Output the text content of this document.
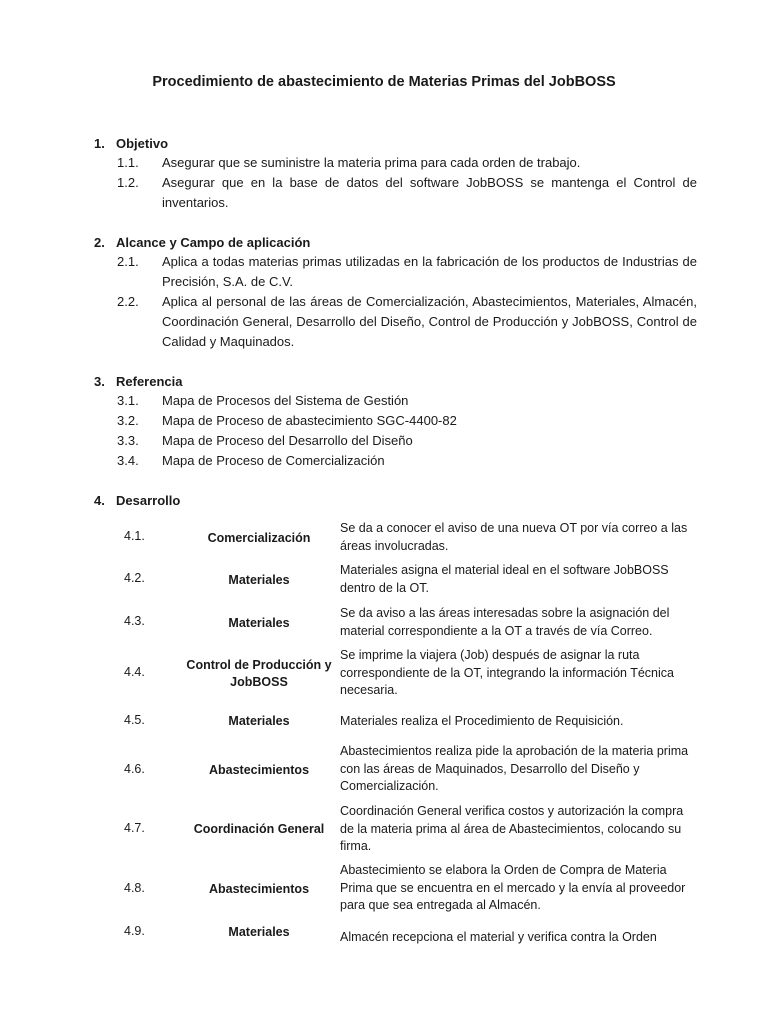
Procedimiento de abastecimiento de Materias Primas del JobBOSS
1. Objetivo
1.1. Asegurar que se suministre la materia prima para cada orden de trabajo.
1.2. Asegurar que en la base de datos del software JobBOSS se mantenga el Control de inventarios.
2. Alcance y Campo de aplicación
2.1. Aplica a todas materias primas utilizadas en la fabricación de los productos de Industrias de Precisión, S.A. de C.V.
2.2. Aplica al personal de las áreas de Comercialización, Abastecimientos, Materiales, Almacén, Coordinación General, Desarrollo del Diseño, Control de Producción y JobBOSS, Control de Calidad y Maquinados.
3. Referencia
3.1. Mapa de Procesos del Sistema de Gestión
3.2. Mapa de Proceso de abastecimiento SGC-4400-82
3.3. Mapa de Proceso del Desarrollo del Diseño
3.4. Mapa de Proceso de Comercialización
4. Desarrollo
4.1.	Comercialización
Se da a conocer el aviso de una nueva OT por vía correo a las áreas involucradas.
4.2.	Materiales
Materiales asigna el material ideal en el software JobBOSS dentro de la OT.
4.3.	Materiales
Se da aviso a las áreas interesadas sobre la asignación del material correspondiente a la OT a través de vía Correo.
4.4.	Control de Producción y JobBOSS
Se imprime la viajera (Job) después de asignar la ruta correspondiente de la OT, integrando la información Técnica necesaria.
4.5.	Materiales	Materiales realiza el Procedimiento de Requisición.
4.6.	Abastecimientos
Abastecimientos realiza pide la aprobación de la materia prima con las áreas de Maquinados, Desarrollo del Diseño y Comercialización.
4.7.	Coordinación General
Coordinación General verifica costos y autorización la compra de la materia prima al área de Abastecimientos, colocando su firma.
4.8.	Abastecimientos
Abastecimiento se elabora la Orden de Compra de Materia Prima que se encuentra en el mercado y la envía al proveedor para que sea entregada al Almacén.
4.9.	Materiales	Almacén recepciona el material y verifica contra la Orden
